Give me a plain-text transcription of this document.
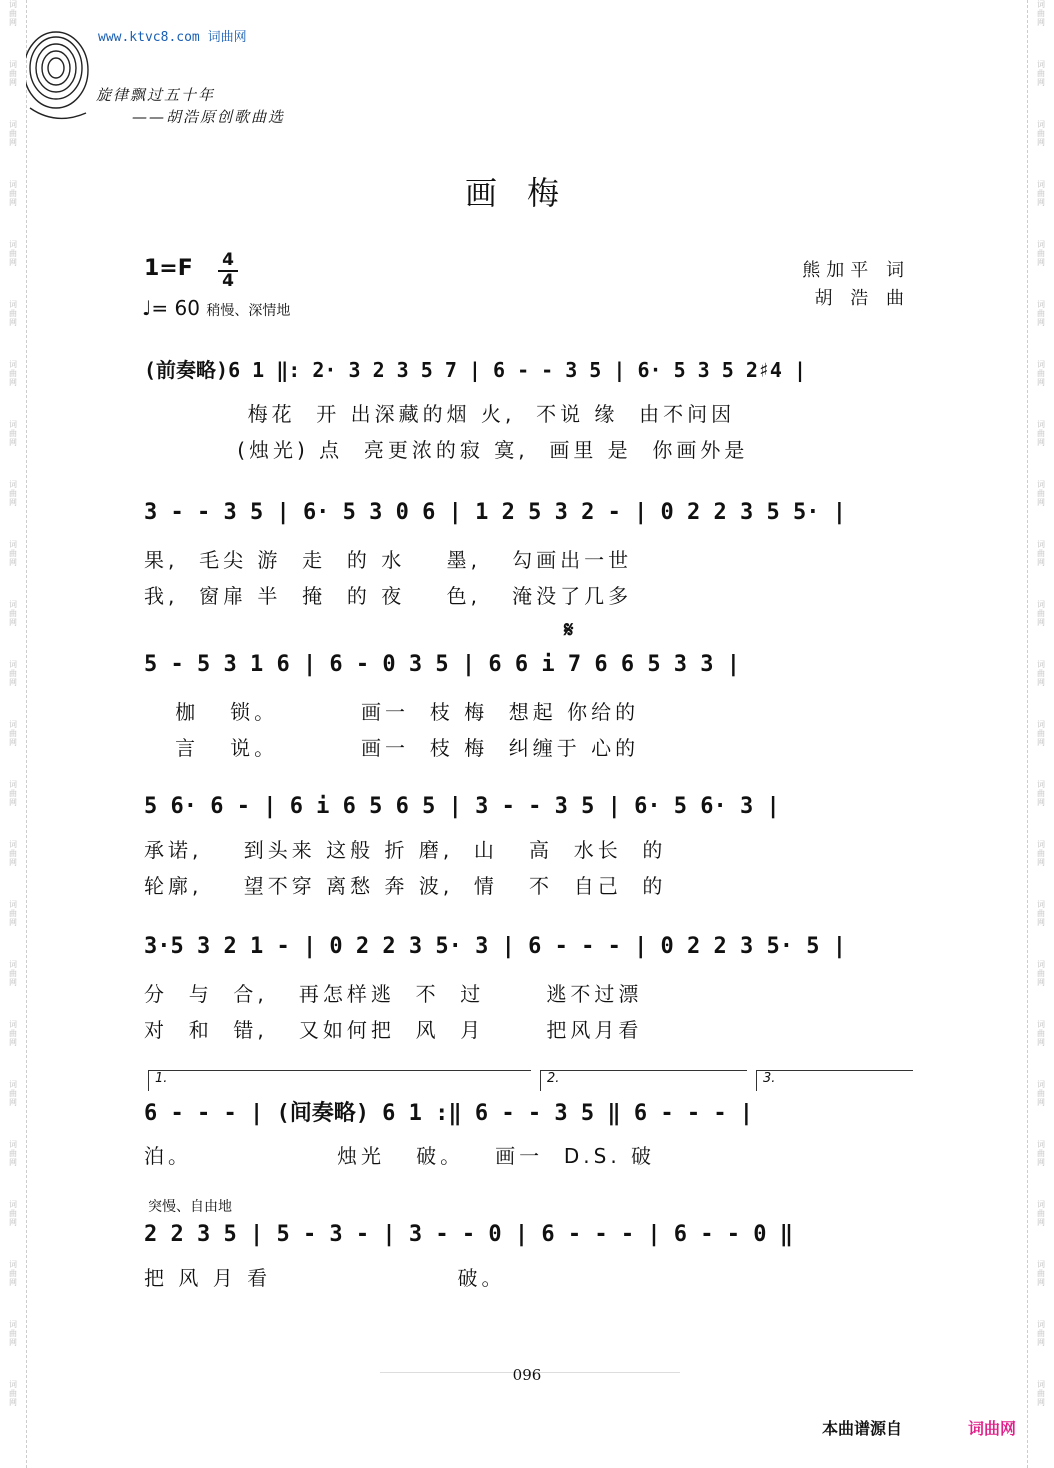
词
曲
网
词
曲
网
词
曲
网
词
曲
网
词
曲
网
词
曲
网
词
曲
网
词
曲
网
词
曲
网
词
曲
网
词
曲
网
词
曲
网
词
曲
网
词
曲
网
词
曲
网
词
曲
网
词
曲
网
词
曲
网
词
曲
网
词
曲
网
词
曲
网
词
曲
网
词
曲
网
词
曲
网
词
曲
网
词
曲
网
词
曲
网
词
曲
网
词
曲
网
词
曲
网
词
曲
网
词
曲
网
词
曲
网
词
曲
网
词
曲
网
词
曲
网
词
曲
网
词
曲
网
词
曲
网
词
曲
网
词
曲
网
词
曲
网
词
曲
网
词
曲
网
词
曲
网
词
曲
网
词
曲
网
词
曲
网
www.ktvc8.com 词曲网
旋律飘过五十年
——胡浩原创歌曲选
画梅
1=F 4
4
♩= 60 稍慢、深情地
熊加平 词
胡 浩 曲
(前奏略)6 1 ‖: 2· 3 2 3 5 7 | 6 - - 3 5 | 6· 5 3 5 2♯4 |
梅花  开 出深藏的烟 火,  不说 缘  由不问因
(烛光) 点  亮更浓的寂 寞,  画里 是  你画外是
3 - - 3 5 | 6· 5 3 0 6 | 1 2 5 3 2 - | 0 2 2 3 5 5· |
果,  毛尖 游  走  的 水    墨,   勾画出一世
我,  窗扉 半  掩  的 夜    色,   淹没了几多
𝄋
5 - 5 3 1 6 | 6 - 0 3 5 | 6 6 i 7 6 6 5 3 3 |
枷   锁。        画一  枝 梅  想起 你给的
言   说。        画一  枝 梅  纠缠于 心的
5 6· 6 - | 6 i 6 5 6 5 | 3 - - 3 5 | 6· 5 6· 3 |
承诺,    到头来 这般 折 磨,  山   高  水长  的
轮廓,    望不穿 离愁 奔 波,  情   不  自己  的
3·5 3 2 1 - | 0 2 2 3 5· 3 | 6 - - - | 0 2 2 3 5· 5 |
分  与  合,   再怎样逃  不  过      逃不过漂
对  和  错,   又如何把  风  月      把风月看
1.	2.	3.
6 - - - | (间奏略) 6 1 :‖ 6 - - 3 5 ‖ 6 - - - |
泊。              烛光   破。   画一  D.S. 破
突慢、自由地
2 2 3 5 | 5 - 3 - | 3 - - 0 | 6 - - - | 6 - - 0 ‖
把 风 月 看                  破。
096
本曲谱源自	词曲网
